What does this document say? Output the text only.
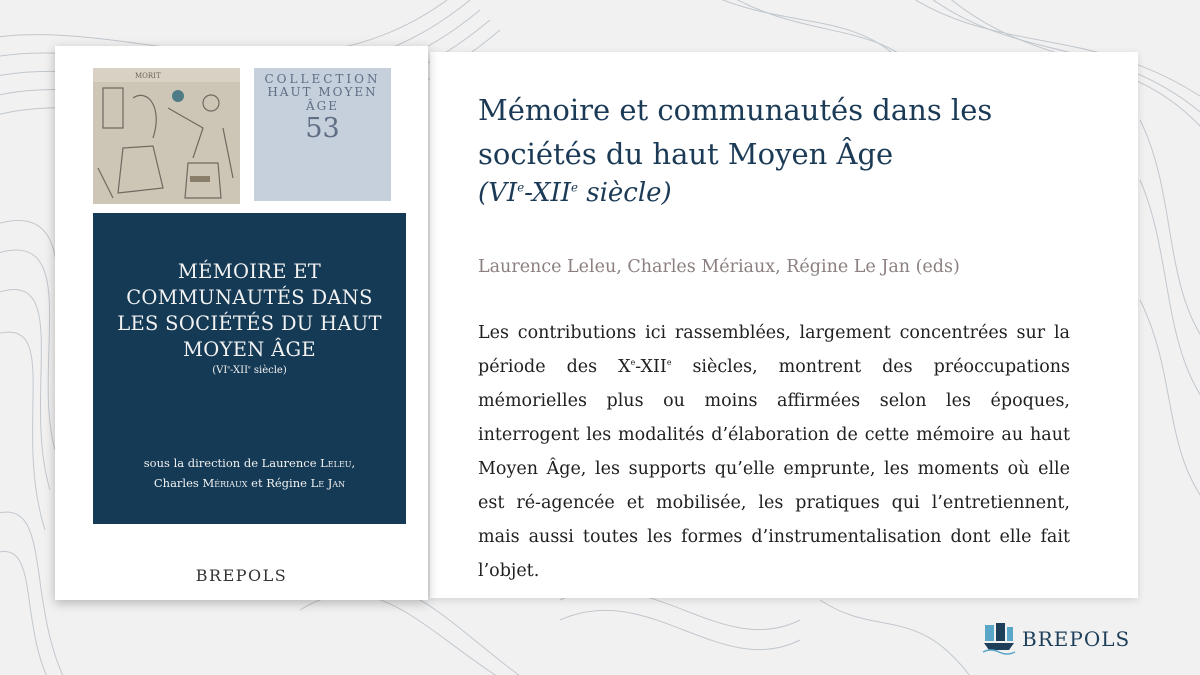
Mémoire et communautés dans les sociétés du haut Moyen Âge

(VIe-XIIe siècle)

Laurence Leleu, Charles Mériaux, Régine Le Jan (eds)

Les contributions ici rassemblées, largement concentrées sur la période des Xe-XIIe siècles, montrent des préoccupations mémorielles plus ou moins affirmées selon les époques, interrogent les modalités d’élaboration de cette mémoire au haut Moyen Âge, les supports qu’elle emprunte, les moments où elle est ré-agencée et mobilisée, les pratiques qui l’entretiennent, mais aussi toutes les formes d’instrumentalisation dont elle fait l’objet.

MORIT	COLLECTION
HAUT MOYEN ÂGE
53

MÉMOIRE ET
COMMUNAUTÉS DANS
LES SOCIÉTÉS DU HAUT
MOYEN ÂGE

(VIe-XIIe siècle)

sous la direction de Laurence Leleu,
Charles Mériaux et Régine Le Jan
BREPOLS
BREPOLS
